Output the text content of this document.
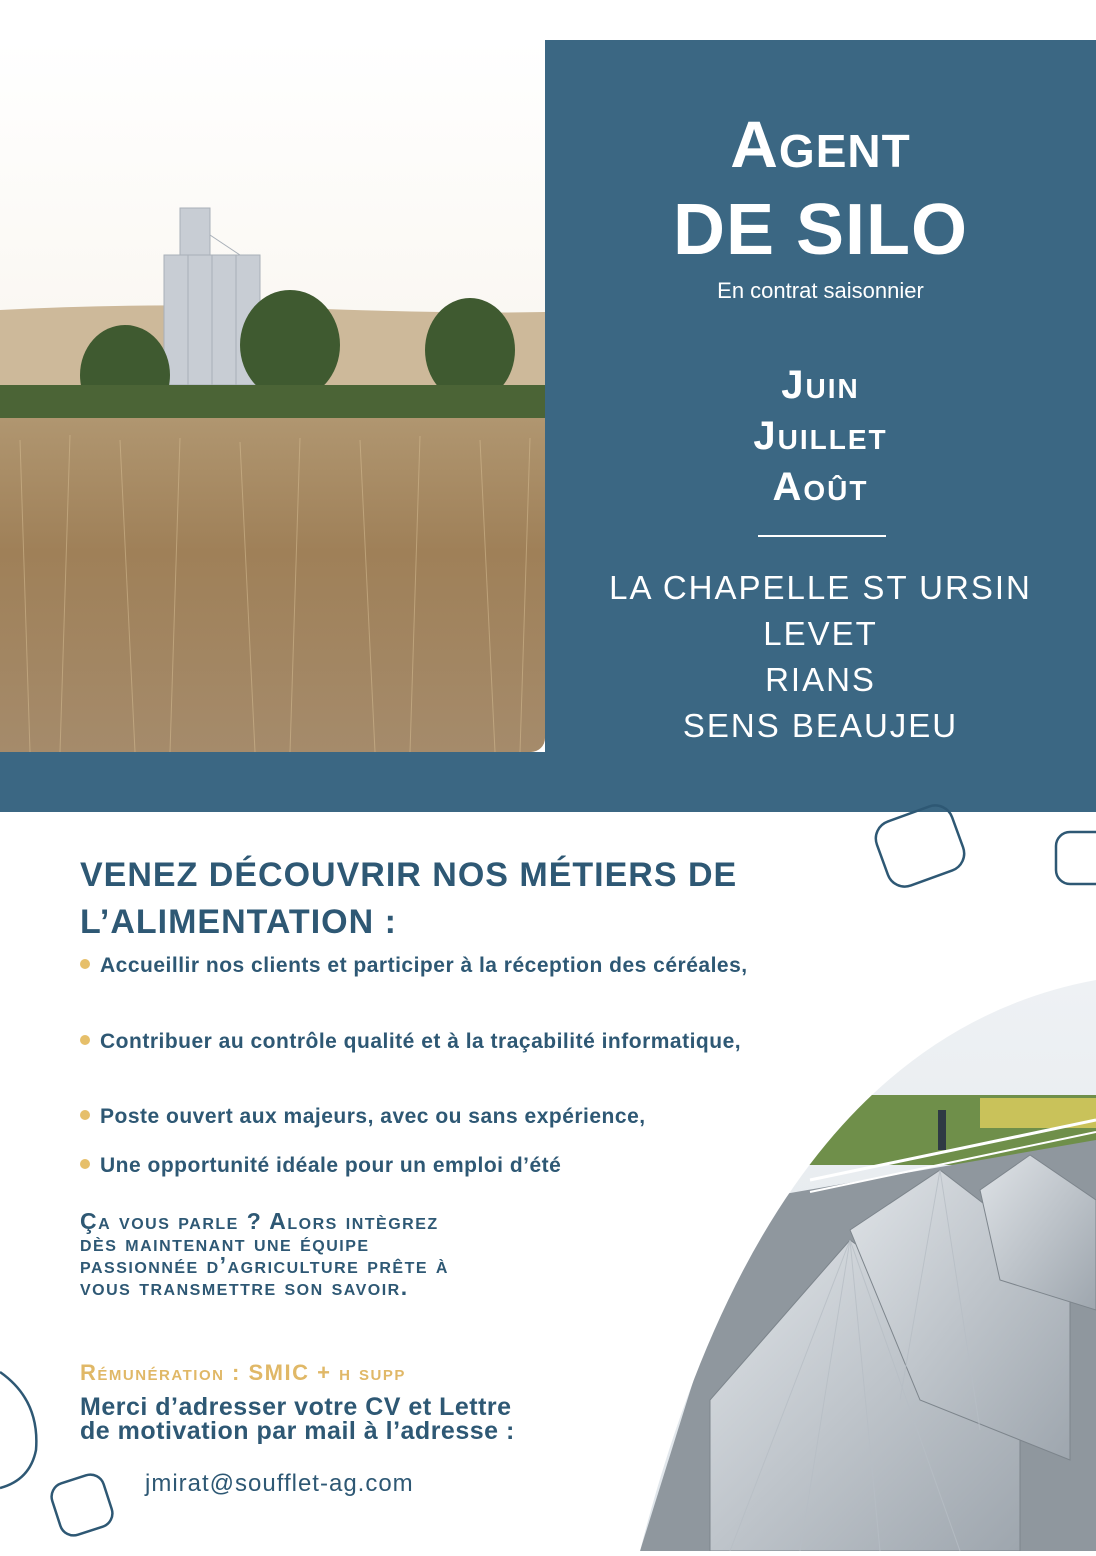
Agent
DE SILO
En contrat saisonnier
Juin
Juillet
Août
LA CHAPELLE ST URSIN
LEVET
RIANS
SENS BEAUJEU
VENEZ DÉCOUVRIR NOS MÉTIERS DE
L’ALIMENTATION :
Accueillir nos clients et participer à la réception des céréales,
Contribuer au contrôle qualité et à la traçabilité informatique,
Poste ouvert aux majeurs, avec ou sans expérience,
Une opportunité idéale pour un emploi d’été
Ça vous parle ? Alors intègrez
dès maintenant une équipe
passionnée d’agriculture prête à
vous transmettre son savoir.
Rémunération : SMIC + h supp
Merci d’adresser votre CV et Lettre
de motivation par mail à l’adresse :
jmirat@soufflet-ag.com
